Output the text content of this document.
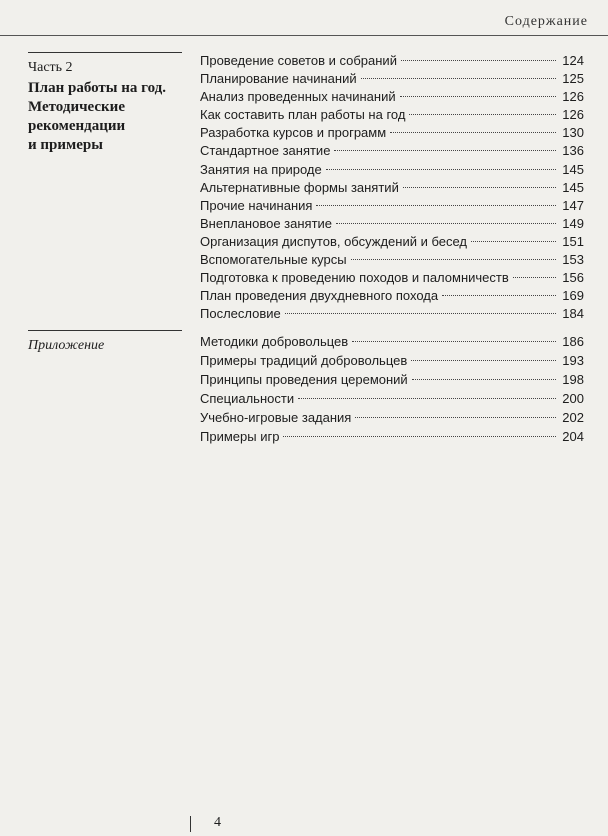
Содержание
Часть 2
План работы на год.
Методические
рекомендации
и примеры
Приложение
Проведение советов и собраний	124
Планирование начинаний	125
Анализ проведенных начинаний	126
Как составить план работы на год	126
Разработка курсов и программ	130
Стандартное занятие	136
Занятия на природе	145
Альтернативные формы занятий	145
Прочие начинания	147
Внеплановое занятие	149
Организация диспутов, обсуждений и бесед	151
Вспомогательные курсы	153
Подготовка к проведению походов и паломничеств	156
План проведения двухдневного похода	169
Послесловие	184
Методики добровольцев	186
Примеры традиций добровольцев	193
Принципы проведения церемоний	198
Специальности	200
Учебно-игровые задания	202
Примеры игр	204
4
